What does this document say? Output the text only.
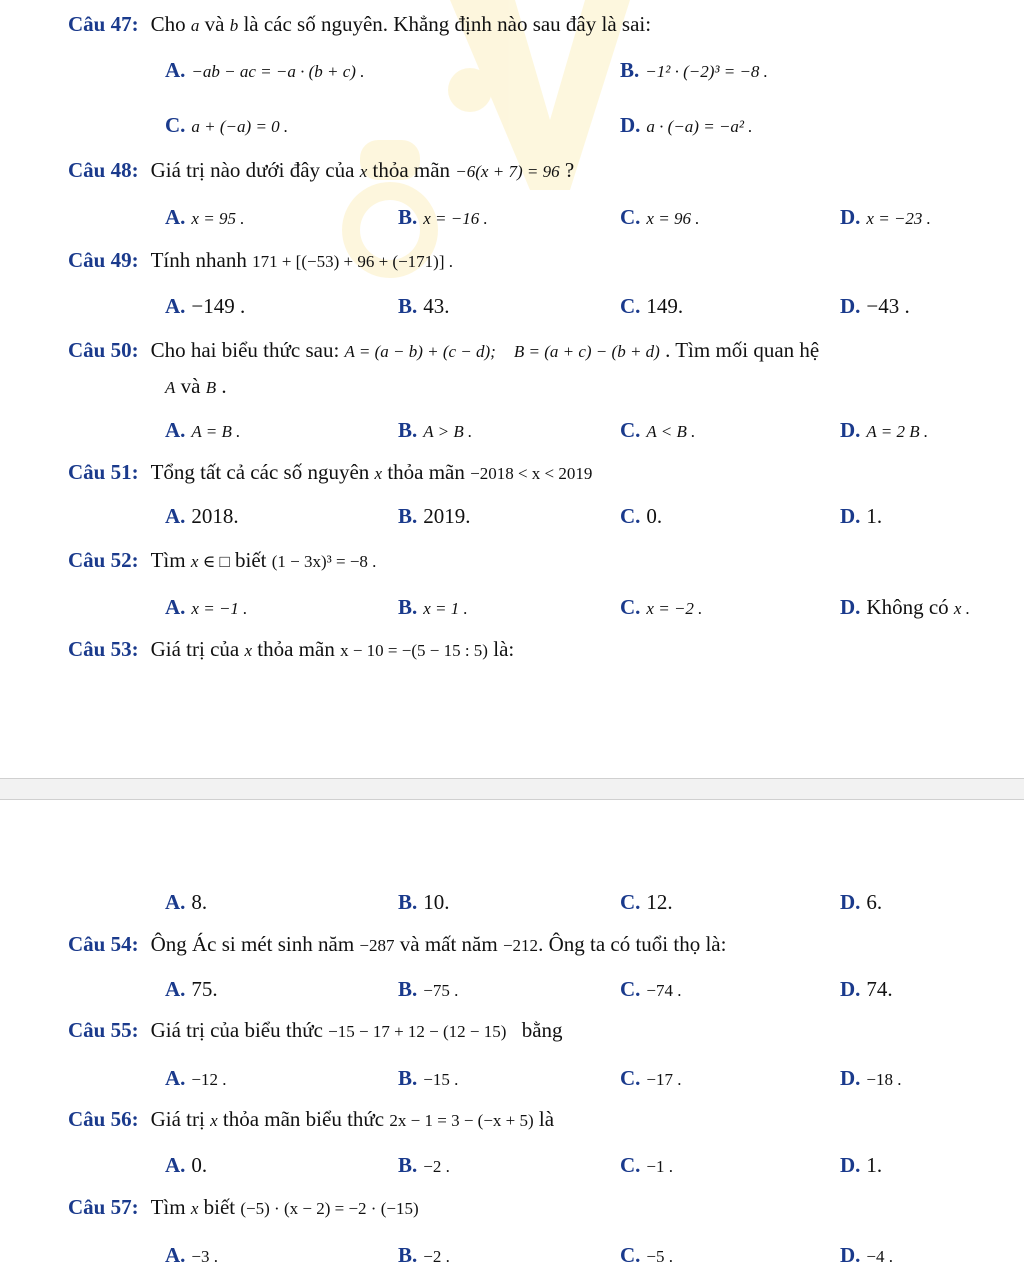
Câu 47: Cho a và b là các số nguyên. Khẳng định nào sau đây là sai:
A. −ab − ac = −a · (b + c) .	B. −1² · (−2)³ = −8 .
C. a + (−a) = 0 .	D. a · (−a) = −a² .
Câu 48: Giá trị nào dưới đây của x thỏa mãn −6(x + 7) = 96 ?
A. x = 95 .	B. x = −16 .	C. x = 96 .	D. x = −23 .
Câu 49: Tính nhanh 171 + [(−53) + 96 + (−171)] .
A. −149 .	B. 43.	C. 149.	D. −43 .
Câu 50: Cho hai biểu thức sau: A = (a − b) + (c − d); B = (a + c) − (b + d) . Tìm mối quan hệ
A và B .
A. A = B .	B. A > B .	C. A < B .	D. A = 2 B .
Câu 51: Tổng tất cả các số nguyên x thỏa mãn −2018 < x < 2019
A. 2018.	B. 2019.	C. 0.	D. 1.
Câu 52: Tìm x ∈ □ biết (1 − 3x)³ = −8 .
A. x = −1 .	B. x = 1 .	C. x = −2 .	D. Không có x .
Câu 53: Giá trị của x thỏa mãn x − 10 = −(5 − 15 : 5) là:
A. 8.	B. 10.	C. 12.	D. 6.
Câu 54: Ông Ác si mét sinh năm −287 và mất năm −212. Ông ta có tuổi thọ là:
A. 75.	B. −75 .	C. −74 .	D. 74.
Câu 55: Giá trị của biểu thức −15 − 17 + 12 − (12 − 15) bằng
A. −12 .	B. −15 .	C. −17 .	D. −18 .
Câu 56: Giá trị x thỏa mãn biểu thức 2x − 1 = 3 − (−x + 5) là
A. 0.	B. −2 .	C. −1 .	D. 1.
Câu 57: Tìm x biết (−5) · (x − 2) = −2 · (−15)
A. −3 .	B. −2 .	C. −5 .	D. −4 .
